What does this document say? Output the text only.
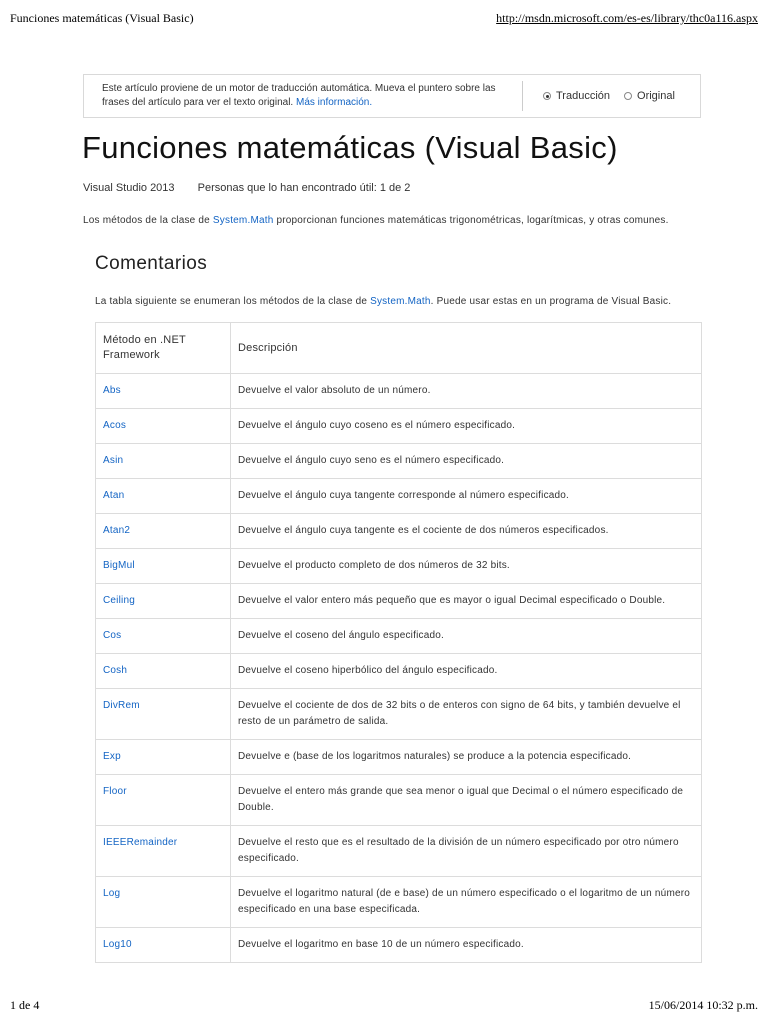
Funciones matemáticas (Visual Basic)	http://msdn.microsoft.com/es-es/library/thc0a116.aspx
Este artículo proviene de un motor de traducción automática. Mueva el puntero sobre las frases del artículo para ver el texto original. Más información.
Traducción Original
Funciones matemáticas (Visual Basic)
Visual Studio 2013 Personas que lo han encontrado útil: 1 de 2
Los métodos de la clase de System.Math proporcionan funciones matemáticas trigonométricas, logarítmicas, y otras comunes.
Comentarios
La tabla siguiente se enumeran los métodos de la clase de System.Math. Puede usar estas en un programa de Visual Basic.
Método en .NET Framework	Descripción
Abs	Devuelve el valor absoluto de un número.
Acos	Devuelve el ángulo cuyo coseno es el número especificado.
Asin	Devuelve el ángulo cuyo seno es el número especificado.
Atan	Devuelve el ángulo cuya tangente corresponde al número especificado.
Atan2	Devuelve el ángulo cuya tangente es el cociente de dos números especificados.
BigMul	Devuelve el producto completo de dos números de 32 bits.
Ceiling	Devuelve el valor entero más pequeño que es mayor o igual Decimal especificado o Double.
Cos	Devuelve el coseno del ángulo especificado.
Cosh	Devuelve el coseno hiperbólico del ángulo especificado.
DivRem	Devuelve el cociente de dos de 32 bits o de enteros con signo de 64 bits, y también devuelve el resto de un parámetro de salida.
Exp	Devuelve e (base de los logaritmos naturales) se produce a la potencia especificado.
Floor	Devuelve el entero más grande que sea menor o igual que Decimal o el número especificado de Double.
IEEERemainder	Devuelve el resto que es el resultado de la división de un número especificado por otro número especificado.
Log	Devuelve el logaritmo natural (de e base) de un número especificado o el logaritmo de un número especificado en una base especificada.
Log10	Devuelve el logaritmo en base 10 de un número especificado.
1 de 4	15/06/2014 10:32 p.m.
